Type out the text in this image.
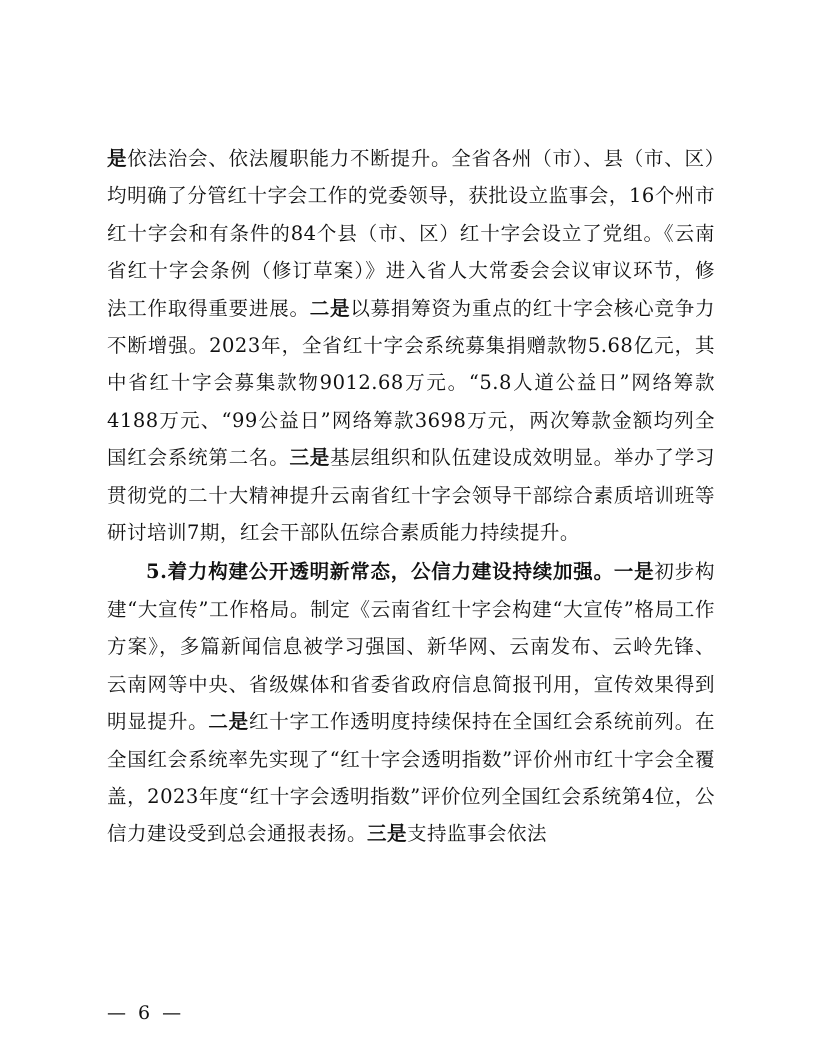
是依法治会、依法履职能力不断提升。全省各州（市）、县（市、区）均明确了分管红十字会工作的党委领导，获批设立监事会，16个州市红十字会和有条件的84个县（市、区）红十字会设立了党组。《云南省红十字会条例（修订草案）》进入省人大常委会会议审议环节，修法工作取得重要进展。二是以募捐筹资为重点的红十字会核心竞争力不断增强。2023年，全省红十字会系统募集捐赠款物5.68亿元，其中省红十字会募集款物9012.68万元。“5.8人道公益日”网络筹款4188万元、“99公益日”网络筹款3698万元，两次筹款金额均列全国红会系统第二名。三是基层组织和队伍建设成效明显。举办了学习贯彻党的二十大精神提升云南省红十字会领导干部综合素质培训班等研讨培训7期，红会干部队伍综合素质能力持续提升。

5.着力构建公开透明新常态，公信力建设持续加强。一是初步构建“大宣传”工作格局。制定《云南省红十字会构建“大宣传”格局工作方案》，多篇新闻信息被学习强国、新华网、云南发布、云岭先锋、云南网等中央、省级媒体和省委省政府信息简报刊用，宣传效果得到明显提升。二是红十字工作透明度持续保持在全国红会系统前列。在全国红会系统率先实现了“红十字会透明指数”评价州市红十字会全覆盖，2023年度“红十字会透明指数”评价位列全国红会系统第4位，公信力建设受到总会通报表扬。三是支持监事会依法

— 6 —
